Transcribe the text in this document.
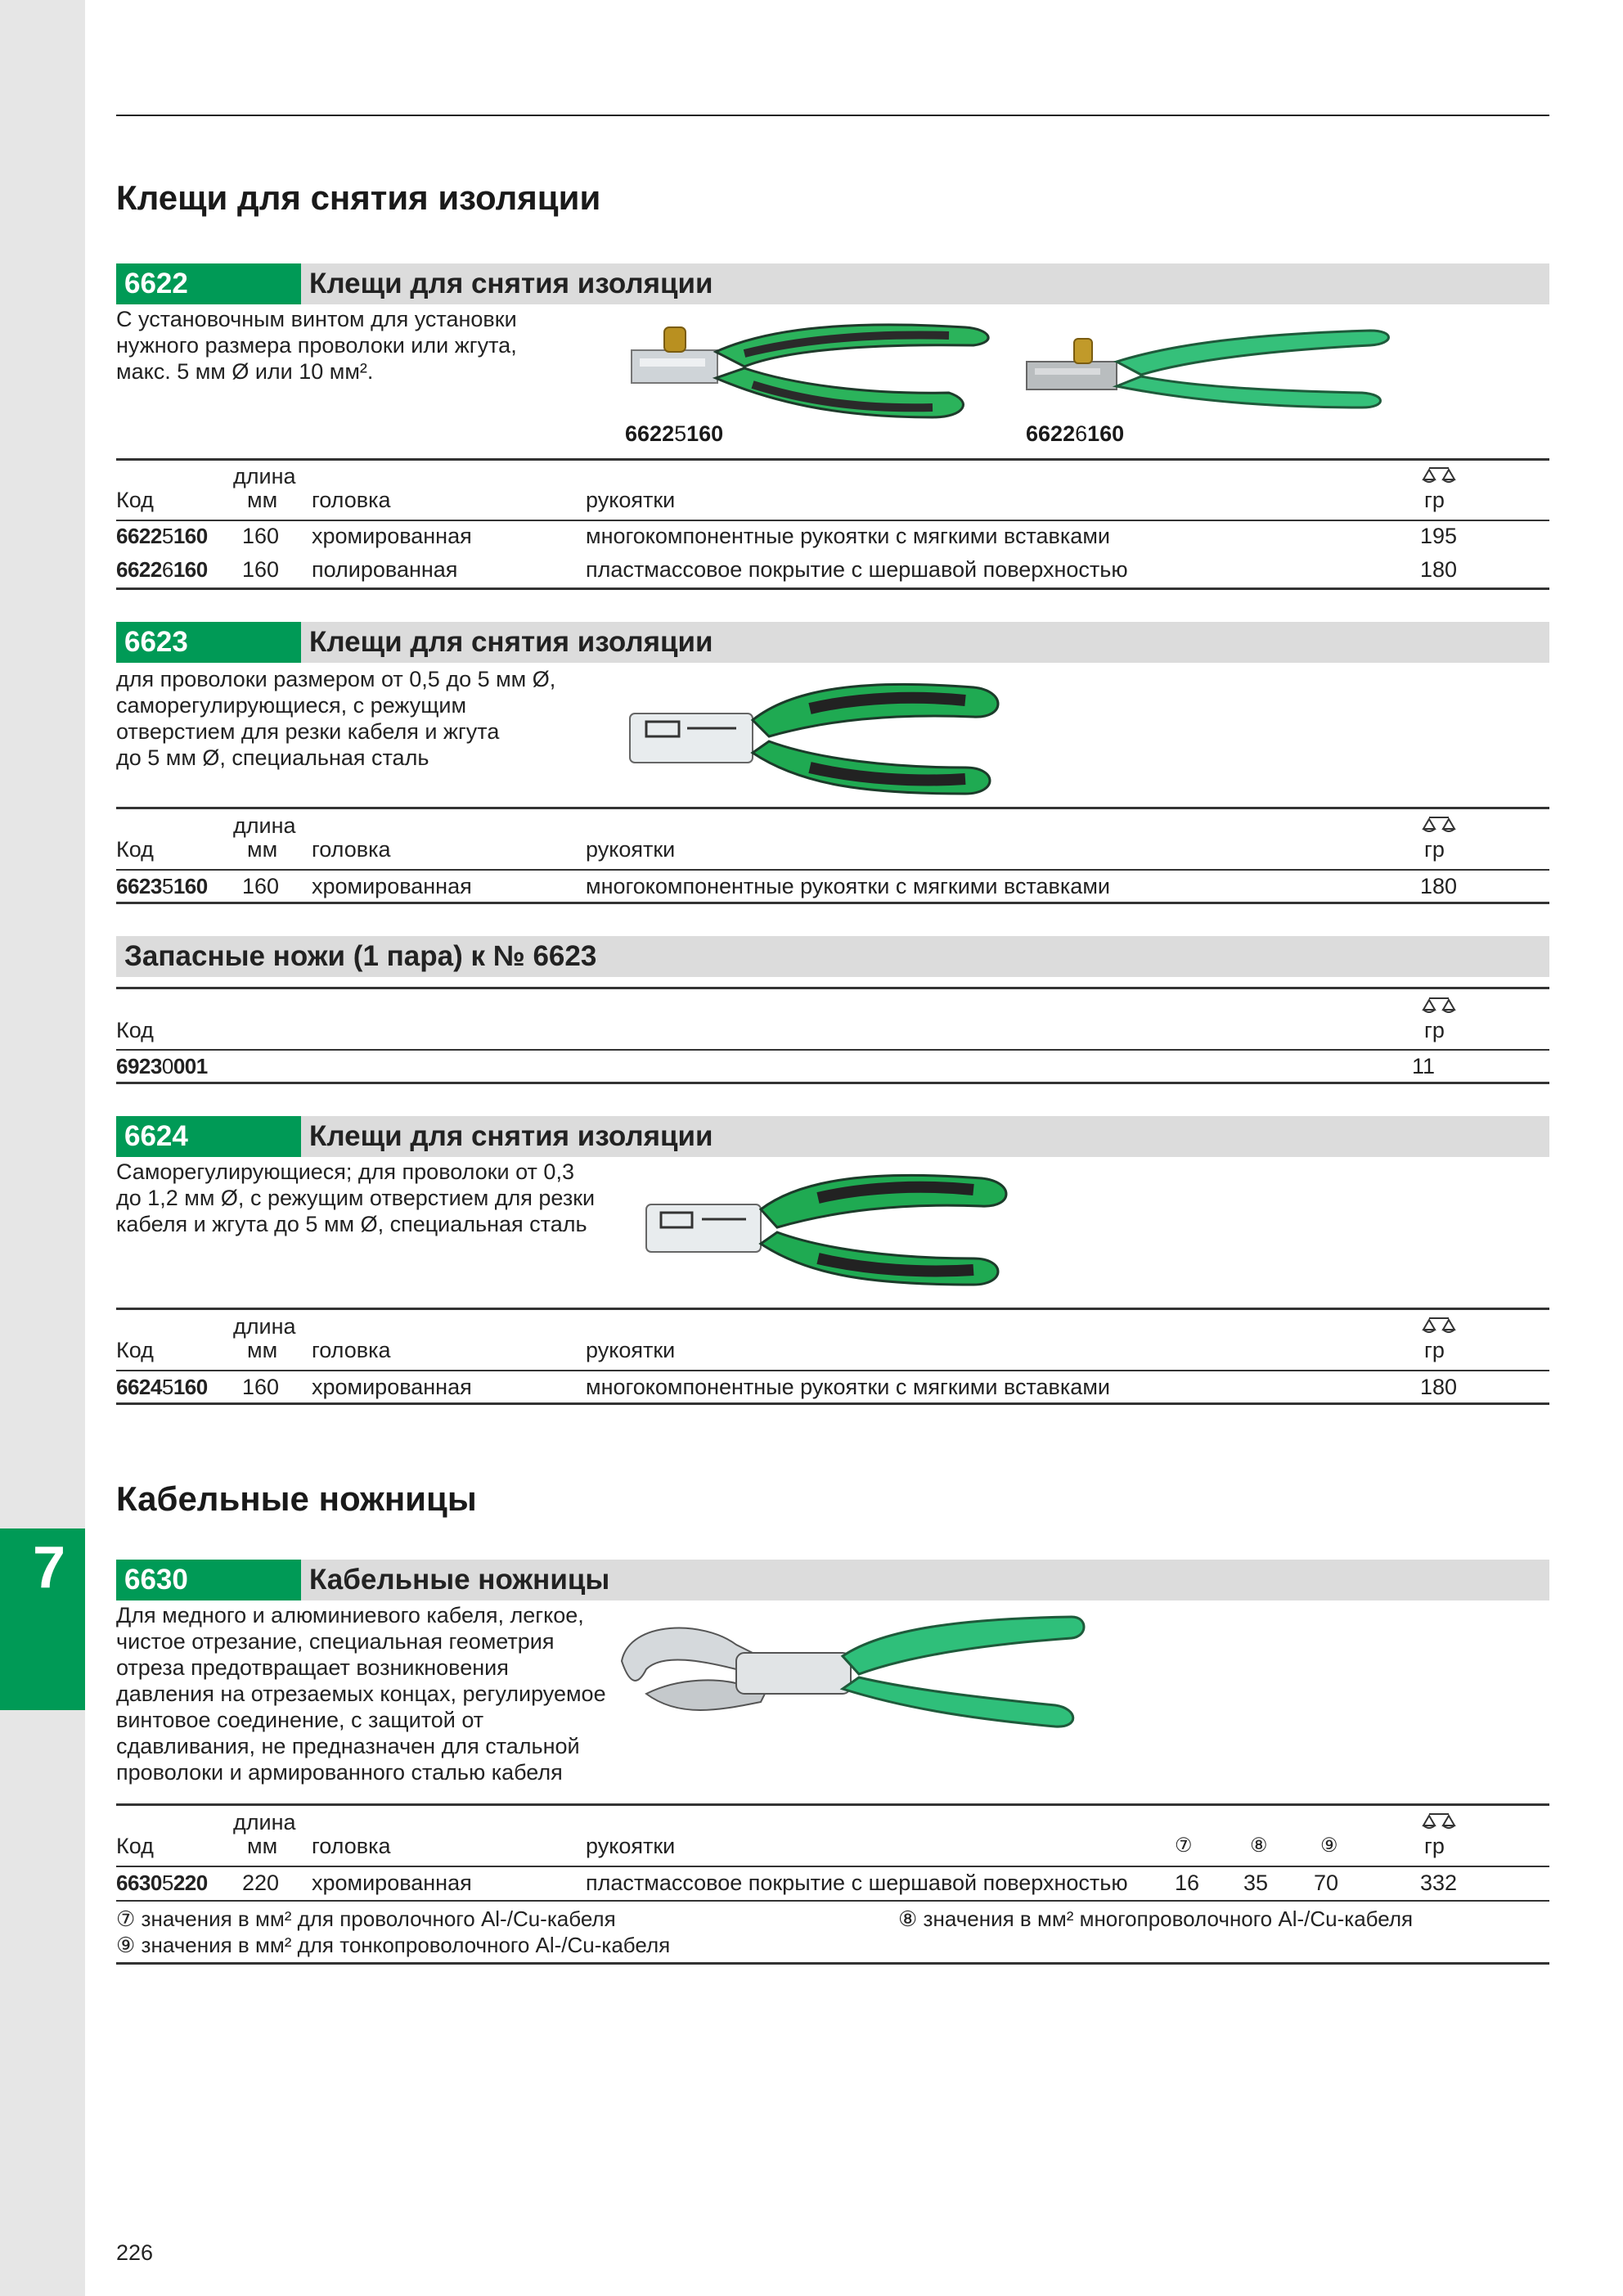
7
Клещи для снятия изоляции
6622	Клещи для снятия изоляции
С установочным винтом для установки
нужного размера проволоки или жгута,
макс. 5 мм Ø или 10 мм².
66225160	66226160
длина
Код	мм головка	рукоятки	гр
66225160 160 хромированная	многокомпонентные рукоятки с мягкими вставками	195
66226160 160 полированная	пластмассовое покрытие с шершавой поверхностью	180
6623	Клещи для снятия изоляции
для проволоки размером от 0,5 до 5 мм Ø,
саморегулирующиеся, с режущим
отверстием для резки кабеля и жгута
до 5 мм Ø, специальная сталь
длина
Код	мм головка	рукоятки	гр
66235160 160 хромированная	многокомпонентные рукоятки с мягкими вставками	180
Запасные ножи (1 пара) к № 6623
Код	гр
69230001	11
6624	Клещи для снятия изоляции
Саморегулирующиеся; для проволоки от 0,3
до 1,2 мм Ø, с режущим отверстием для резки
кабеля и жгута до 5 мм Ø, специальная сталь
длина
Код	мм головка	рукоятки	гр
66245160 160 хромированная	многокомпонентные рукоятки с мягкими вставками	180
Кабельные ножницы
6630	Кабельные ножницы
Для медного и алюминиевого кабеля, легкое,
чистое отрезание, специальная геометрия
отреза предотвращает возникновения
давления на отрезаемых концах, регулируемое
винтовое соединение, с защитой от
сдавливания, не предназначен для стальной
проволоки и армированного сталью кабеля
длина
Код	мм головка	рукоятки	⑦	⑧	⑨	гр
66305220 220 хромированная	пластмассовое покрытие с шершавой поверхностью 16 35 70	332
⑦ значения в мм² для проволочного Al-/Cu-кабеля	⑧ значения в мм² многопроволочного Al-/Cu-кабеля
⑨ значения в мм² для тонкопроволочного Al-/Cu-кабеля
226
